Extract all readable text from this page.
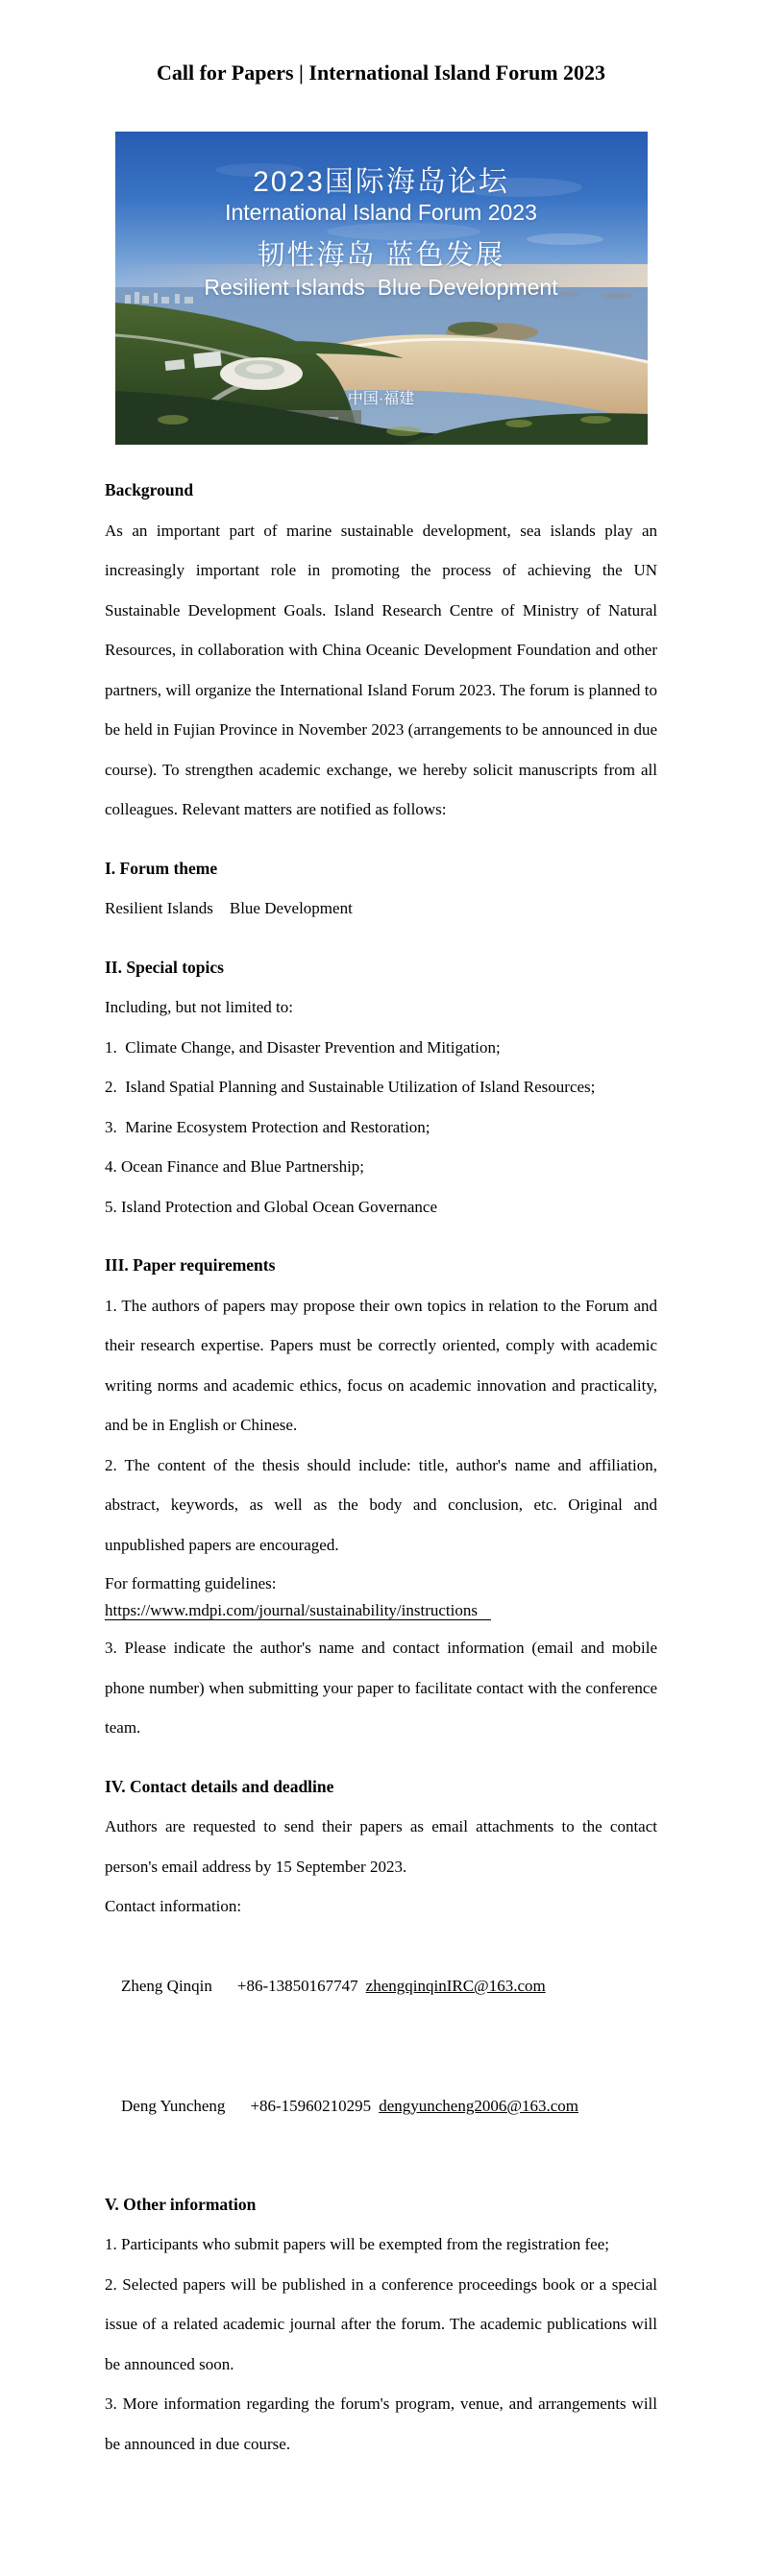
Call for Papers | International Island Forum 2023
2023国际海岛论坛
International Island Forum 2023
韧性海岛 蓝色发展
Resilient Islands  Blue Development

中国·福建

Background

As an important part of marine sustainable development, sea islands play an increasingly important role in promoting the process of achieving the UN Sustainable Development Goals. Island Research Centre of Ministry of Natural Resources, in collaboration with China Oceanic Development Foundation and other partners, will organize the International Island Forum 2023. The forum is planned to be held in Fujian Province in November 2023 (arrangements to be announced in due course). To strengthen academic exchange, we hereby solicit manuscripts from all colleagues. Relevant matters are notified as follows:

I. Forum theme
Resilient Islands    Blue Development
II. Special topics
Including, but not limited to:
1.  Climate Change, and Disaster Prevention and Mitigation;
2.  Island Spatial Planning and Sustainable Utilization of Island Resources;
3.  Marine Ecosystem Protection and Restoration;
4. Ocean Finance and Blue Partnership;
5. Island Protection and Global Ocean Governance
III. Paper requirements

1. The authors of papers may propose their own topics in relation to the Forum and their research expertise. Papers must be correctly oriented, comply with academic writing norms and academic ethics, focus on academic innovation and practicality, and be in English or Chinese.

2. The content of the thesis should include: title, author's name and affiliation, abstract, keywords, as well as the body and conclusion, etc. Original and unpublished papers are encouraged.

For formatting guidelines:
https://www.mdpi.com/journal/sustainability/instructions

3. Please indicate the author's name and contact information (email and mobile phone number) when submitting your paper to facilitate contact with the conference team.

IV. Contact details and deadline

Authors are requested to send their papers as email attachments to the contact person's email address by 15 September 2023.

Contact information:

Zheng Qinqin +86-13850167747 zhengqinqinIRC@163.com

Deng Yuncheng +86-15960210295 dengyuncheng2006@163.com

V. Other information

1. Participants who submit papers will be exempted from the registration fee;

2. Selected papers will be published in a conference proceedings book or a special issue of a related academic journal after the forum. The academic publications will be announced soon.

3. More information regarding the forum's program, venue, and arrangements will be announced in due course.
